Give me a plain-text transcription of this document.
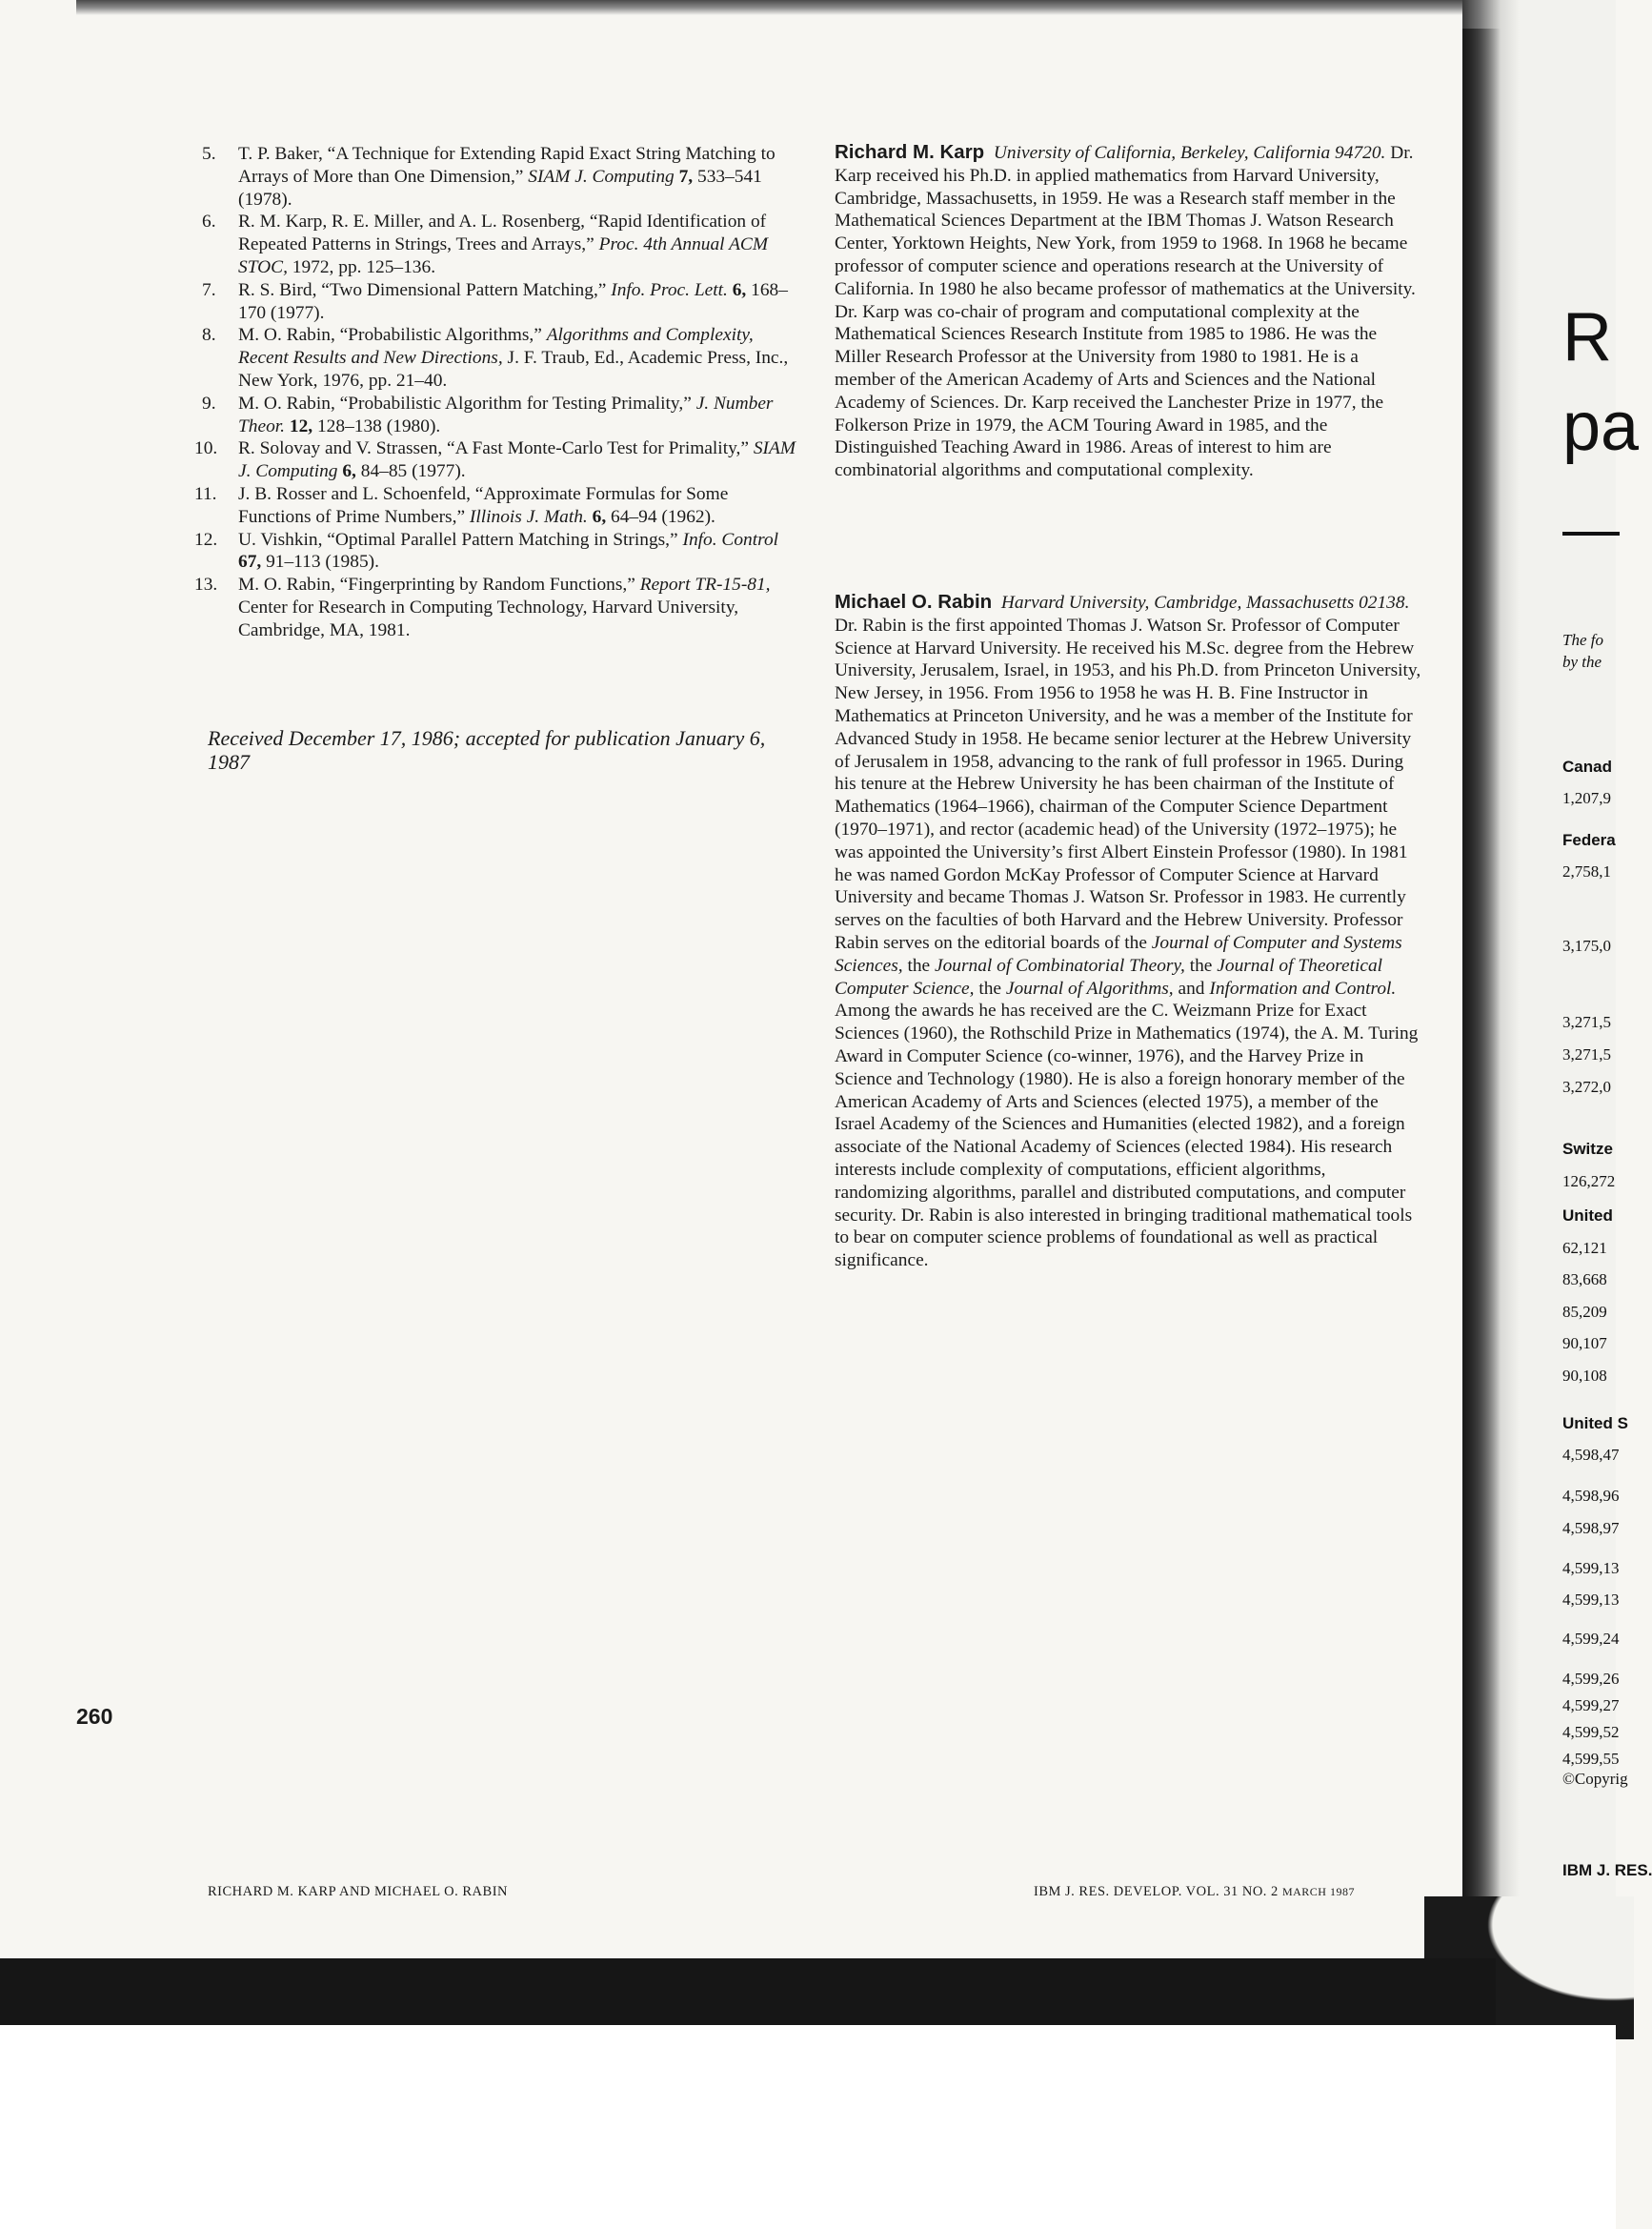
5.	T. P. Baker, “A Technique for Extending Rapid Exact String Matching to Arrays of More than One Dimension,” SIAM J. Computing 7, 533–541 (1978).
6.	R. M. Karp, R. E. Miller, and A. L. Rosenberg, “Rapid Identification of Repeated Patterns in Strings, Trees and Arrays,” Proc. 4th Annual ACM STOC, 1972, pp. 125–136.
7.	R. S. Bird, “Two Dimensional Pattern Matching,” Info. Proc. Lett. 6, 168–170 (1977).
8.	M. O. Rabin, “Probabilistic Algorithms,” Algorithms and Complexity, Recent Results and New Directions, J. F. Traub, Ed., Academic Press, Inc., New York, 1976, pp. 21–40.
9.	M. O. Rabin, “Probabilistic Algorithm for Testing Primality,” J. Number Theor. 12, 128–138 (1980).
10.	R. Solovay and V. Strassen, “A Fast Monte-Carlo Test for Primality,” SIAM J. Computing 6, 84–85 (1977).
11.	J. B. Rosser and L. Schoenfeld, “Approximate Formulas for Some Functions of Prime Numbers,” Illinois J. Math. 6, 64–94 (1962).
12.	U. Vishkin, “Optimal Parallel Pattern Matching in Strings,” Info. Control 67, 91–113 (1985).
13.	M. O. Rabin, “Fingerprinting by Random Functions,” Report TR-15-81, Center for Research in Computing Technology, Harvard University, Cambridge, MA, 1981.
Received December 17, 1986; accepted for publication January 6, 1987
Richard M. Karp University of California, Berkeley, California 94720. Dr. Karp received his Ph.D. in applied mathematics from Harvard University, Cambridge, Massachusetts, in 1959. He was a Research staff member in the Mathematical Sciences Department at the IBM Thomas J. Watson Research Center, Yorktown Heights, New York, from 1959 to 1968. In 1968 he became professor of computer science and operations research at the University of California. In 1980 he also became professor of mathematics at the University. Dr. Karp was co-chair of program and computational complexity at the Mathematical Sciences Research Institute from 1985 to 1986. He was the Miller Research Professor at the University from 1980 to 1981. He is a member of the American Academy of Arts and Sciences and the National Academy of Sciences. Dr. Karp received the Lanchester Prize in 1977, the Folkerson Prize in 1979, the ACM Touring Award in 1985, and the Distinguished Teaching Award in 1986. Areas of interest to him are combinatorial algorithms and computational complexity.
Michael O. Rabin Harvard University, Cambridge, Massachusetts 02138. Dr. Rabin is the first appointed Thomas J. Watson Sr. Professor of Computer Science at Harvard University. He received his M.Sc. degree from the Hebrew University, Jerusalem, Israel, in 1953, and his Ph.D. from Princeton University, New Jersey, in 1956. From 1956 to 1958 he was H. B. Fine Instructor in Mathematics at Princeton University, and he was a member of the Institute for Advanced Study in 1958. He became senior lecturer at the Hebrew University of Jerusalem in 1958, advancing to the rank of full professor in 1965. During his tenure at the Hebrew University he has been chairman of the Institute of Mathematics (1964–1966), chairman of the Computer Science Department (1970–1971), and rector (academic head) of the University (1972–1975); he was appointed the University’s first Albert Einstein Professor (1980). In 1981 he was named Gordon McKay Professor of Computer Science at Harvard University and became Thomas J. Watson Sr. Professor in 1983. He currently serves on the faculties of both Harvard and the Hebrew University. Professor Rabin serves on the editorial boards of the Journal of Computer and Systems Sciences, the Journal of Combinatorial Theory, the Journal of Theoretical Computer Science, the Journal of Algorithms, and Information and Control. Among the awards he has received are the C. Weizmann Prize for Exact Sciences (1960), the Rothschild Prize in Mathematics (1974), the A. M. Turing Award in Computer Science (co-winner, 1976), and the Harvey Prize in Science and Technology (1980). He is also a foreign honorary member of the American Academy of Arts and Sciences (elected 1975), a member of the Israel Academy of the Sciences and Humanities (elected 1982), and a foreign associate of the National Academy of Sciences (elected 1984). His research interests include complexity of computations, efficient algorithms, randomizing algorithms, parallel and distributed computations, and computer security. Dr. Rabin is also interested in bringing traditional mathematical tools to bear on computer science problems of foundational as well as practical significance.
260
RICHARD M. KARP AND MICHAEL O. RABIN	IBM J. RES. DEVELOP. VOL. 31 NO. 2 MARCH 1987
R
pa
The fo
by the
Canad
1,207,9
Federa
2,758,1
3,175,0
3,271,5
3,271,5
3,272,0
Switze
126,272
United
62,121
83,668
85,209
90,107
90,108
United S
4,598,47
4,598,96
4,598,97
4,599,13
4,599,13
4,599,24
4,599,26
4,599,27
4,599,52
4,599,55
©Copyrig
IBM J. RES.
